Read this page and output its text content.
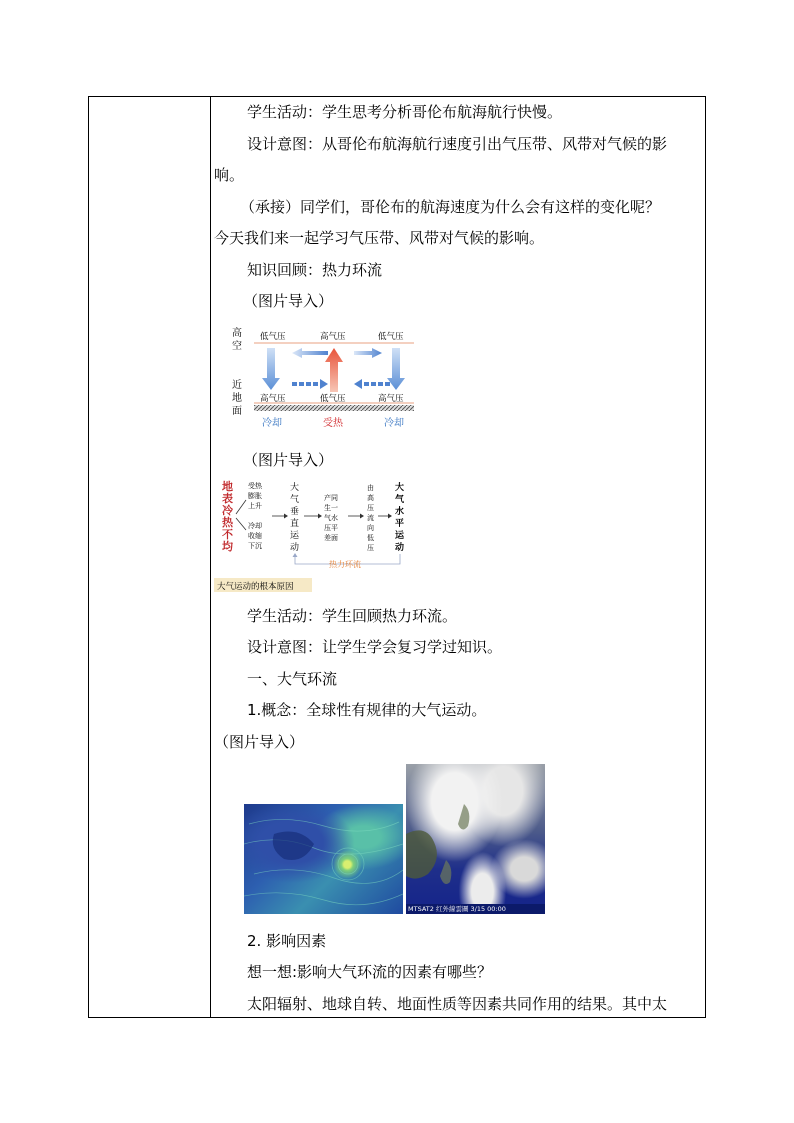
学生活动：学生思考分析哥伦布航海航行快慢。
设计意图：从哥伦布航海航行速度引出气压带、风带对气候的影
响。
（承接）同学们，哥伦布的航海速度为什么会有这样的变化呢？
今天我们来一起学习气压带、风带对气候的影响。
知识回顾：热力环流
（图片导入）
高 空
近 地 面
低气压	高气压	低气压
高气压	低气压	高气压
冷却	受热	冷却
（图片导入）
地表冷热不均
受热膨胀上升
冷却收缩下沉
大气垂直运动
产同生一气水压平差面
由高压流向低压
大气水平运动
热力环流
大气运动的根本原因
学生活动：学生回顾热力环流。
设计意图：让学生学会复习学过知识。
一、大气环流
1.概念：全球性有规律的大气运动。
（图片导入）
MTSAT2 红外線雲圖 3/15 00:00
2. 影响因素
想一想:影响大气环流的因素有哪些？
太阳辐射、地球自转、地面性质等因素共同作用的结果。其中太
